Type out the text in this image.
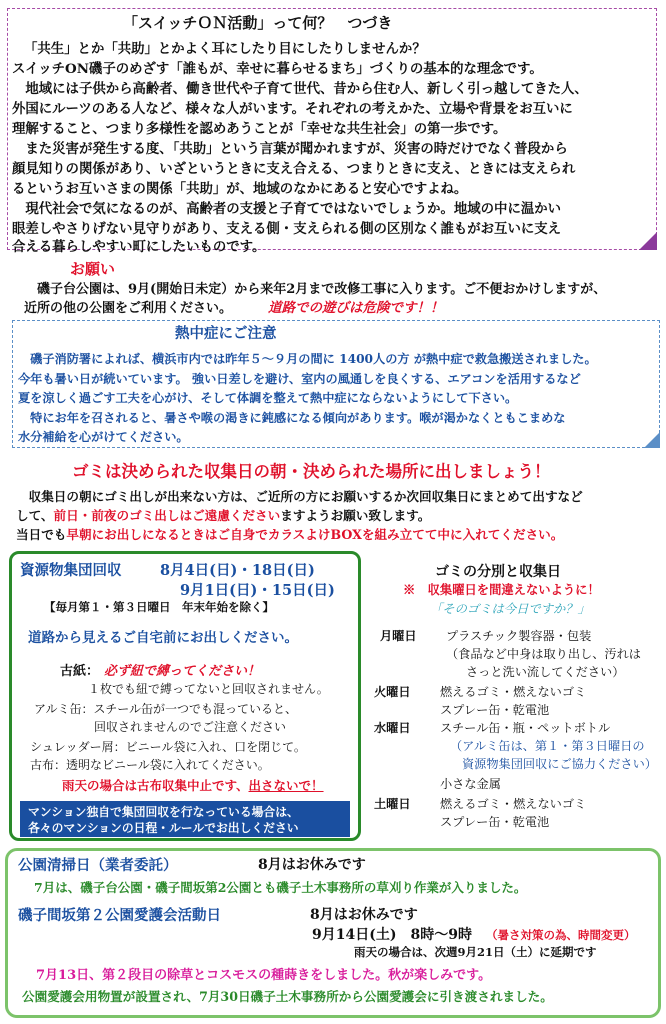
「スイッチＯＮ活動」って何？　つづき
「共生」とか「共助」とかよく耳にしたり目にしたりしませんか？
スイッチON磯子のめざす「誰もが、幸せに暮らせるまち」づくりの基本的な理念です。
　地域には子供から高齢者、働き世代や子育て世代、昔から住む人、新しく引っ越してきた人、
外国にルーツのある人など、様々な人がいます。それぞれの考えかた、立場や背景をお互いに
理解すること、つまり多様性を認めあうことが「幸せな共生社会」の第一歩です。
　また災害が発生する度、「共助」という言葉が聞かれますが、災害の時だけでなく普段から
顔見知りの関係があり、いざというときに支え合える、つまりときに支え、ときには支えられ
るというお互いさまの関係「共助」が、地域のなかにあると安心ですよね。
　現代社会で気になるのが、高齢者の支援と子育てではないでしょうか。地域の中に温かい
眼差しやさりげない見守りがあり、支える側・支えられる側の区別なく誰もがお互いに支え
合える暮らしやすい町にしたいものです。
お願い
　磯子台公園は、9月(開始日未定）から来年2月まで改修工事に入ります。ご不便おかけしますが、
近所の他の公園をご利用ください。	道路での遊びは危険です！！
熱中症にご注意
　磯子消防署によれば、横浜市内では昨年５～９月の間に 1400人の方 が熱中症で救急搬送されました。
今年も暑い日が続いています。 強い日差しを避け、室内の風通しを良くする、エアコンを活用するなど
夏を涼しく過ごす工夫を心がけ、そして体調を整えて熱中症にならないようにして下さい。
　特にお年を召されると、暑さや喉の渇きに鈍感になる傾向があります。喉が渇かなくともこまめな
水分補給を心がけてください。
ゴミは決められた収集日の朝・決められた場所に出しましょう！
　収集日の朝にゴミ出しが出来ない方は、ご近所の方にお願いするか次回収集日にまとめて出すなど
して、前日・前夜のゴミ出しはご遠慮くださいますようお願い致します。
当日でも早朝にお出しになるときはご自身でカラスよけBOXを組み立てて中に入れてください。
マンション独自で集団回収を行なっている場合は、
各々のマンションの日程・ルールでお出しください
資源物集団回収	8月4日(日)・18日(日)
9月1日(日)・15日(日)
【毎月第１・第３日曜日　年末年始を除く】
道路から見えるご自宅前にお出しください。
古紙： 必ず紐で縛ってください！
１枚でも紐で縛ってないと回収されません。
アルミ缶：スチール缶が一つでも混っていると、
回収されませんのでご注意ください
シュレッダー屑：ビニール袋に入れ、口を閉じて。
古布：透明なビニール袋に入れてください。
雨天の場合は古布収集中止です、出さないで！
ゴミの分別と収集日
※　収集曜日を間違えないように！
「そのゴミは今日ですか？」
月曜日 プラスチック製容器・包装
（食品など中身は取り出し、汚れは
さっと洗い流してください）
火曜日 燃えるゴミ・燃えないゴミ
スプレー缶・乾電池
水曜日 スチール缶・瓶・ペットボトル
（アルミ缶は、第１・第３日曜日の
資源物集団回収にご協力ください）
小さな金属
土曜日 燃えるゴミ・燃えないゴミ
スプレー缶・乾電池
公園清掃日（業者委託）	8月はお休みです
7月は、磯子台公園・磯子間坂第2公園とも磯子土木事務所の草刈り作業が入りました。
磯子間坂第２公園愛護会活動日	8月はお休みです
9月14日(土)　8時～9時 （暑さ対策の為、時間変更）
雨天の場合は、次週9月21日（土）に延期です
7月13日、第２段目の除草とコスモスの種蒔きをしました。秋が楽しみです。
公園愛護会用物置が設置され、7月30日磯子土木事務所から公園愛護会に引き渡されました。
